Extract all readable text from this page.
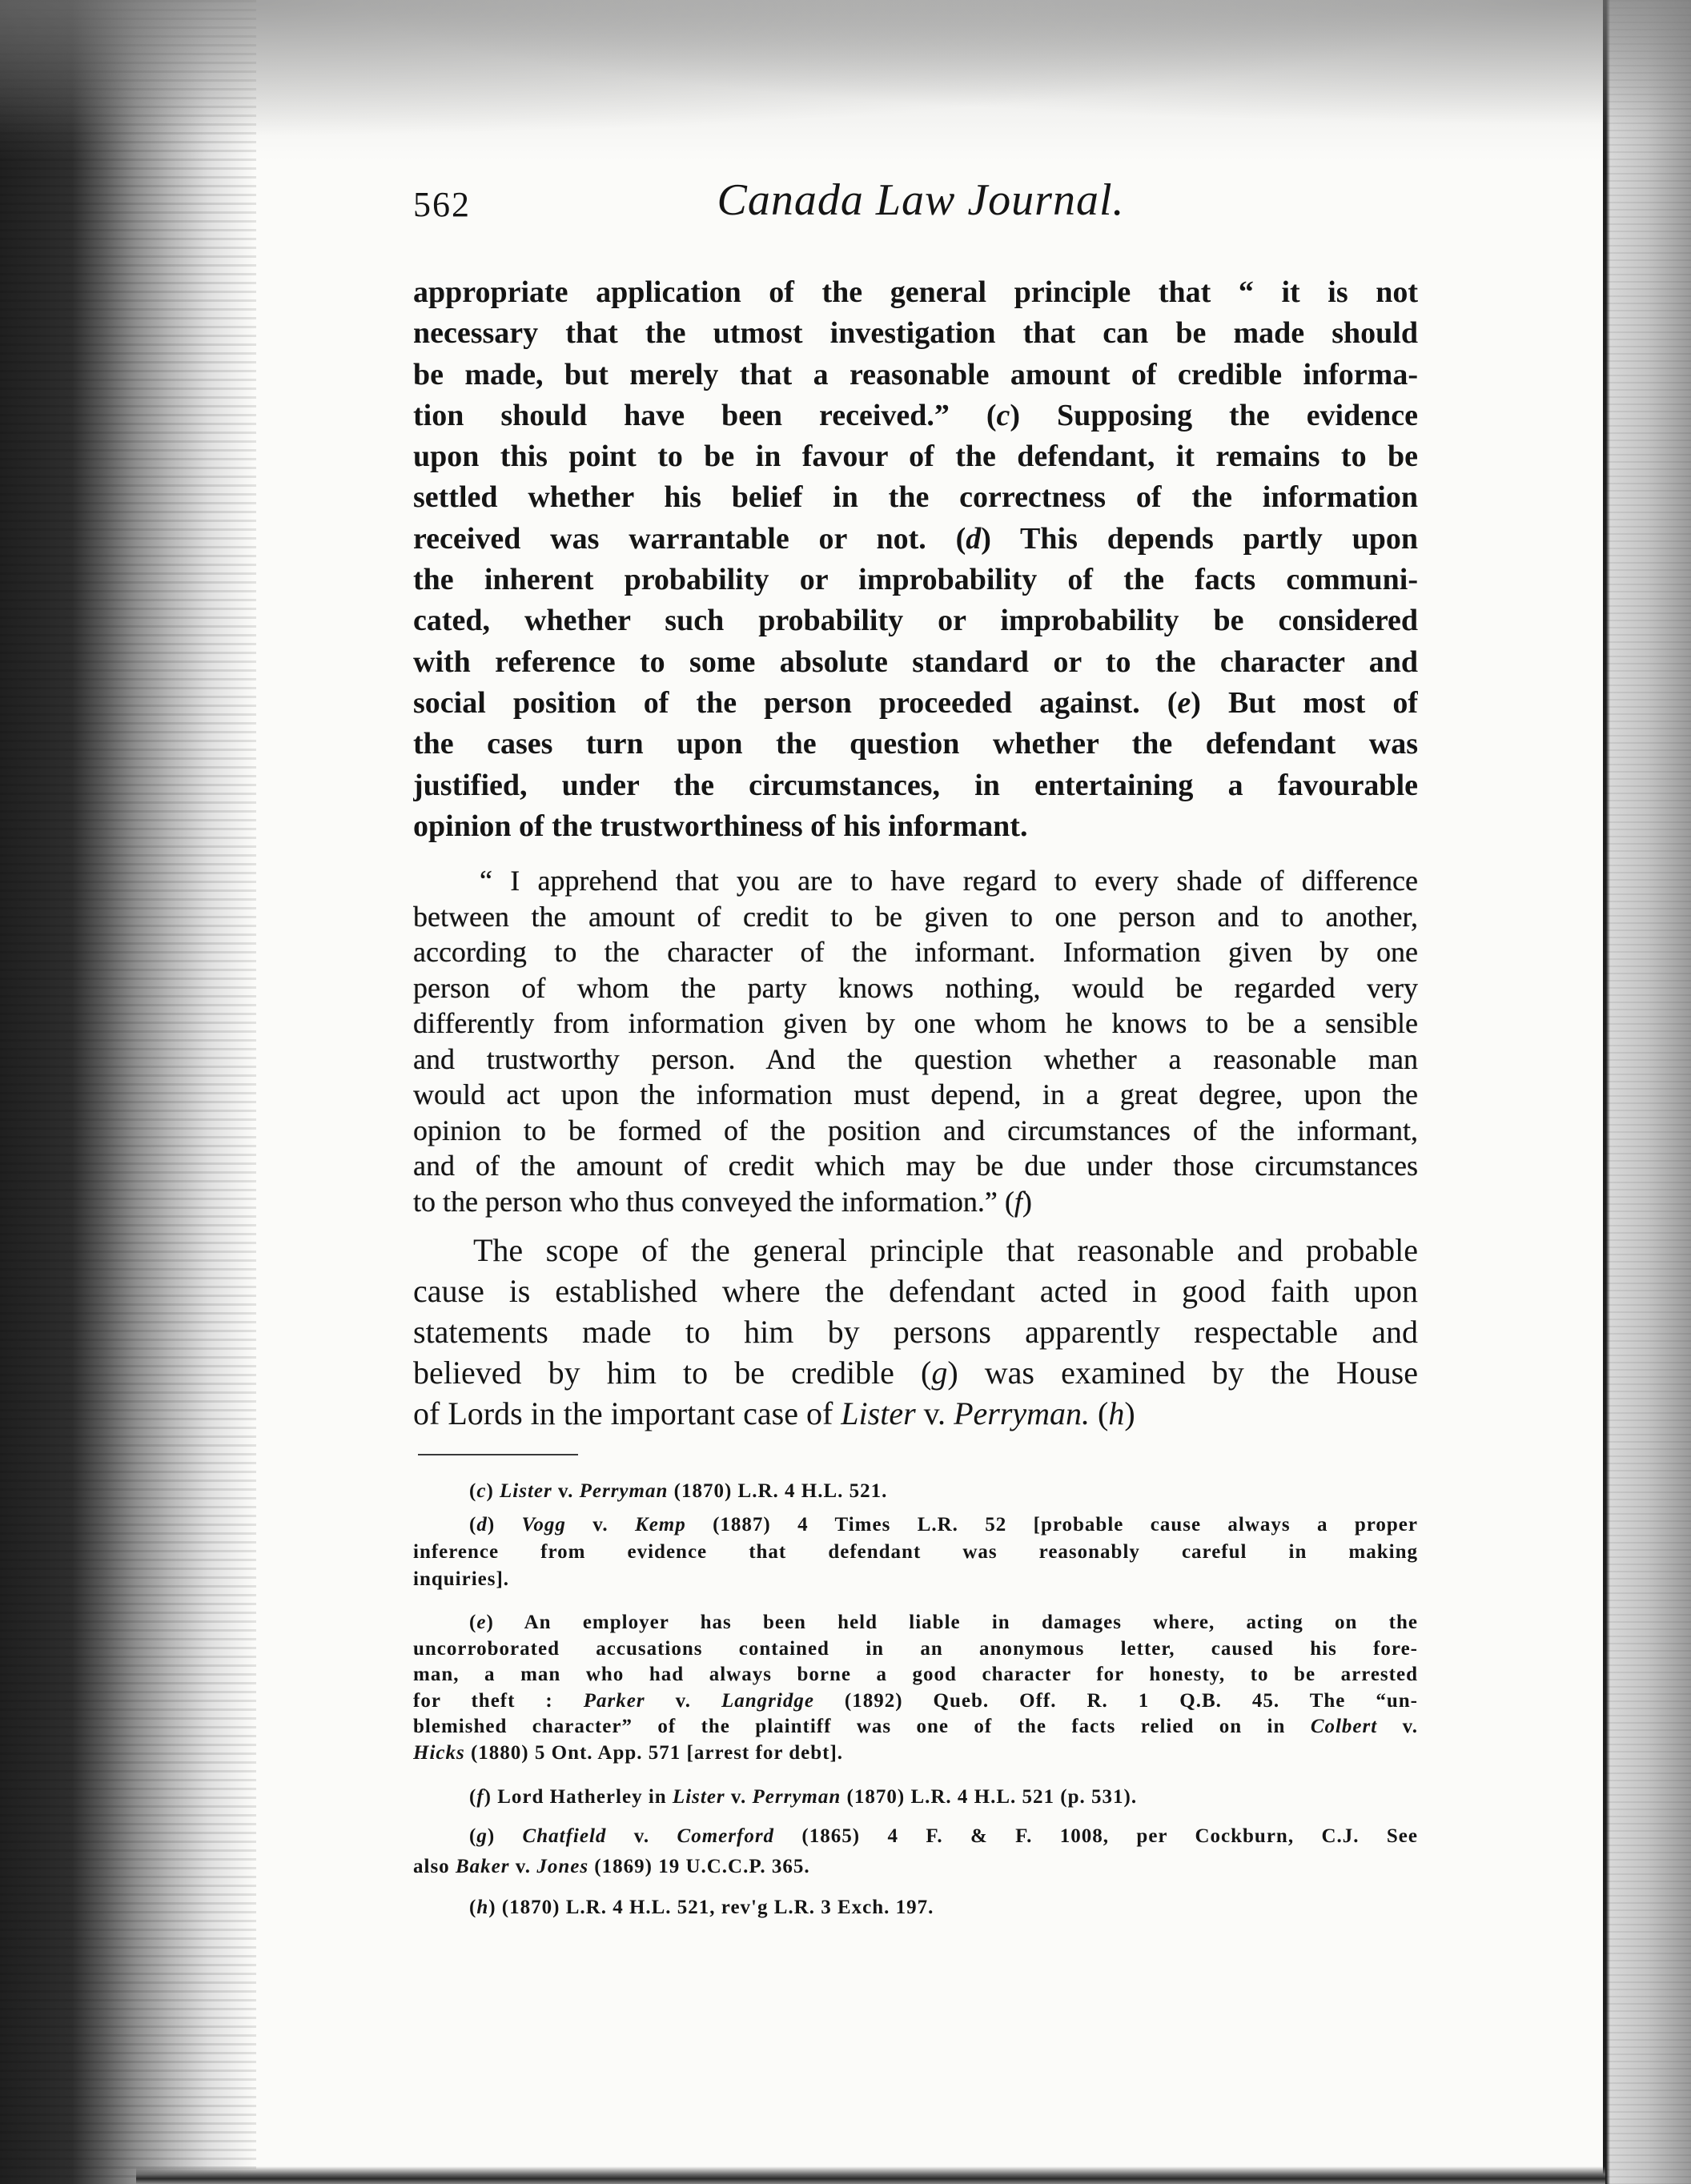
562	Canada Law Journal.
appropriate application of the general principle that “ it is not
necessary that the utmost investigation that can be made should
be made, but merely that a reasonable amount of credible informa-
tion should have been received.” (c) Supposing the evidence
upon this point to be in favour of the defendant, it remains to be
settled whether his belief in the correctness of the information
received was warrantable or not. (d) This depends partly upon
the inherent probability or improbability of the facts communi-
cated, whether such probability or improbability be considered
with reference to some absolute standard or to the character and
social position of the person proceeded against. (e) But most of
the cases turn upon the question whether the defendant was
justified, under the circumstances, in entertaining a favourable
opinion of the trustworthiness of his informant.
“ I apprehend that you are to have regard to every shade of difference
between the amount of credit to be given to one person and to another,
according to the character of the informant. Information given by one
person of whom the party knows nothing, would be regarded very
differently from information given by one whom he knows to be a sensible
and trustworthy person. And the question whether a reasonable man
would act upon the information must depend, in a great degree, upon the
opinion to be formed of the position and circumstances of the informant,
and of the amount of credit which may be due under those circumstances
to the person who thus conveyed the information.” (f)
The scope of the general principle that reasonable and probable
cause is established where the defendant acted in good faith upon
statements made to him by persons apparently respectable and
believed by him to be credible (g) was examined by the House
of Lords in the important case of Lister v. Perryman. (h)
(c) Lister v. Perryman (1870) L.R. 4 H.L. 521.
(d) Vogg v. Kemp (1887) 4 Times L.R. 52 [probable cause always a proper
inference from evidence that defendant was reasonably careful in making
inquiries].
(e) An employer has been held liable in damages where, acting on the
uncorroborated accusations contained in an anonymous letter, caused his fore-
man, a man who had always borne a good character for honesty, to be arrested
for theft : Parker v. Langridge (1892) Queb. Off. R. 1 Q.B. 45. The “un-
blemished character” of the plaintiff was one of the facts relied on in Colbert v.
Hicks (1880) 5 Ont. App. 571 [arrest for debt].
(f) Lord Hatherley in Lister v. Perryman (1870) L.R. 4 H.L. 521 (p. 531).
(g) Chatfield v. Comerford (1865) 4 F. & F. 1008, per Cockburn, C.J. See
also Baker v. Jones (1869) 19 U.C.C.P. 365.
(h) (1870) L.R. 4 H.L. 521, rev'g L.R. 3 Exch. 197.
